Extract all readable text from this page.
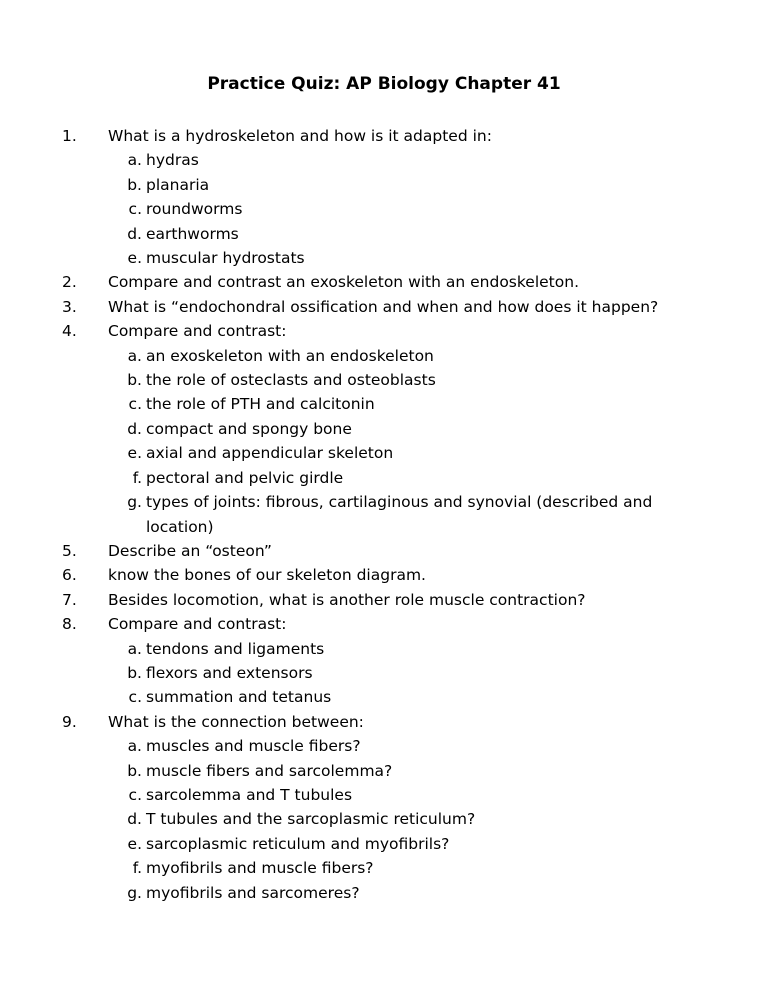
Practice Quiz: AP Biology Chapter 41
1. What is a hydroskeleton and how is it adapted in:
a. hydras
b. planaria
c. roundworms
d. earthworms
e. muscular hydrostats
2. Compare and contrast an exoskeleton with an endoskeleton.
3. What is “endochondral ossification and when and how does it happen?
4. Compare and contrast:
a. an exoskeleton with an endoskeleton
b. the role of osteclasts and osteoblasts
c. the role of PTH and calcitonin
d. compact and spongy bone
e. axial and appendicular skeleton
f. pectoral and pelvic girdle
g. types of joints: fibrous, cartilaginous and synovial (described and location)
5. Describe an “osteon”
6. know the bones of our skeleton diagram.
7. Besides locomotion, what is another role muscle contraction?
8. Compare and contrast:
a. tendons and ligaments
b. flexors and extensors
c. summation and tetanus
9. What is the connection between:
a. muscles and muscle fibers?
b. muscle fibers and sarcolemma?
c. sarcolemma and T tubules
d. T tubules and the sarcoplasmic reticulum?
e. sarcoplasmic reticulum and myofibrils?
f. myofibrils and muscle fibers?
g. myofibrils and sarcomeres?
